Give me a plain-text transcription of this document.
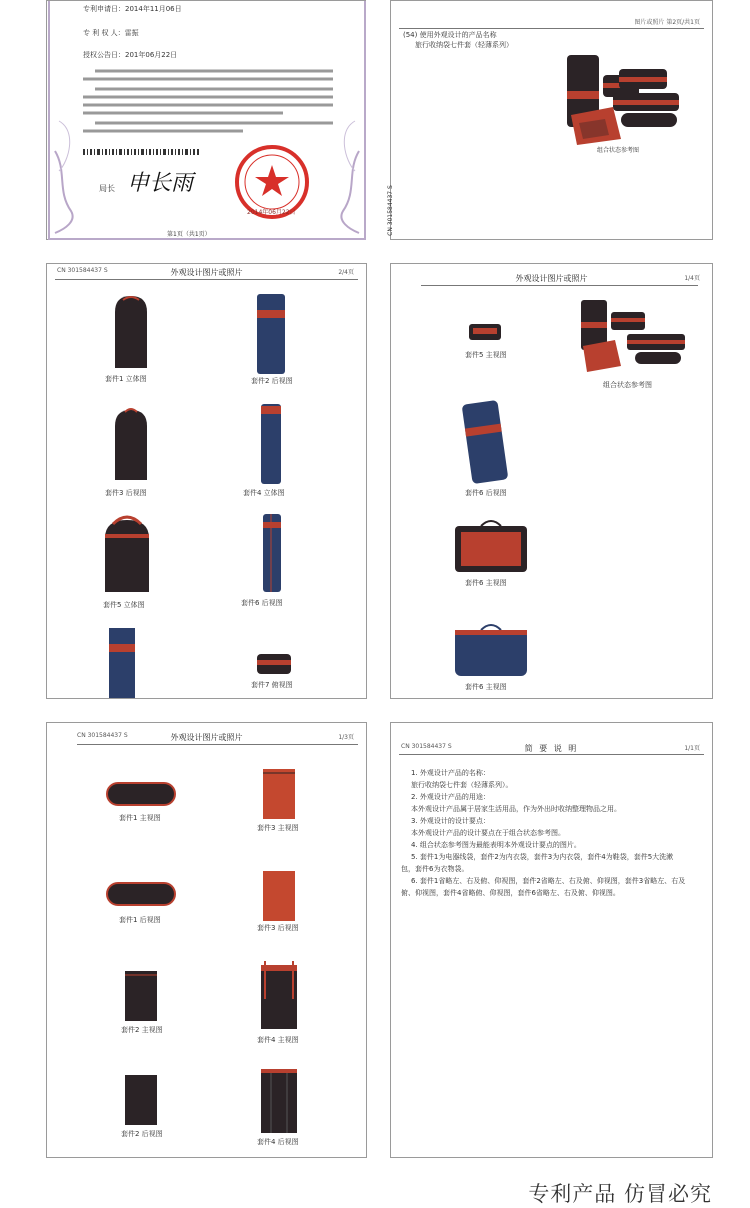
专利申请日：2014年11月06日
专 利 权 人：雷振
授权公告日：201年06月22日
局长 申长雨
2014年06月22日
第1页（共1页）
图片或照片 第2页/共1页
(54) 使用外观设计的产品名称
旅行收纳袋七件套（轻薄系列）
组合状态参考图
CN 301584437 S
CN 301584437 S	外观设计图片或照片	2/4页
套件1 立体图	套件2 后视图
套件3 后视图	套件4 立体图
套件5 立体图	套件6 后视图
套件7 俯视图
外观设计图片或照片	1/4页
套件5 主视图
组合状态参考图
套件6 后视图
套件6 主视图
套件6 主视图
CN 301584437 S	外观设计图片或照片	1/3页
套件1 主视图
套件3 主视图
套件1 后视图
套件3 后视图
套件2 主视图
套件4 主视图
套件2 后视图
套件4 后视图
CN 301584437 S	简 要 说 明	1/1页
1. 外观设计产品的名称：
旅行收纳袋七件套（轻薄系列）。
2. 外观设计产品的用途：
本外观设计产品属于居家生活用品，作为外出时收纳整理物品之用。
3. 外观设计的设计要点：
本外观设计产品的设计要点在于组合状态参考图。
4. 组合状态参考图为最能表明本外观设计要点的图片。
5. 套件1为电器线袋，套件2为内衣袋，套件3为内衣袋，套件4为鞋袋，套件5大洗漱
包，套件6为衣物袋。
6. 套件1省略左、右及俯、仰视图，套件2省略左、右及俯、仰视图，套件3省略左、右及
俯、仰视图，套件4省略俯、仰视图，套件6省略左、右及俯、仰视图。
专利产品 仿冒必究
